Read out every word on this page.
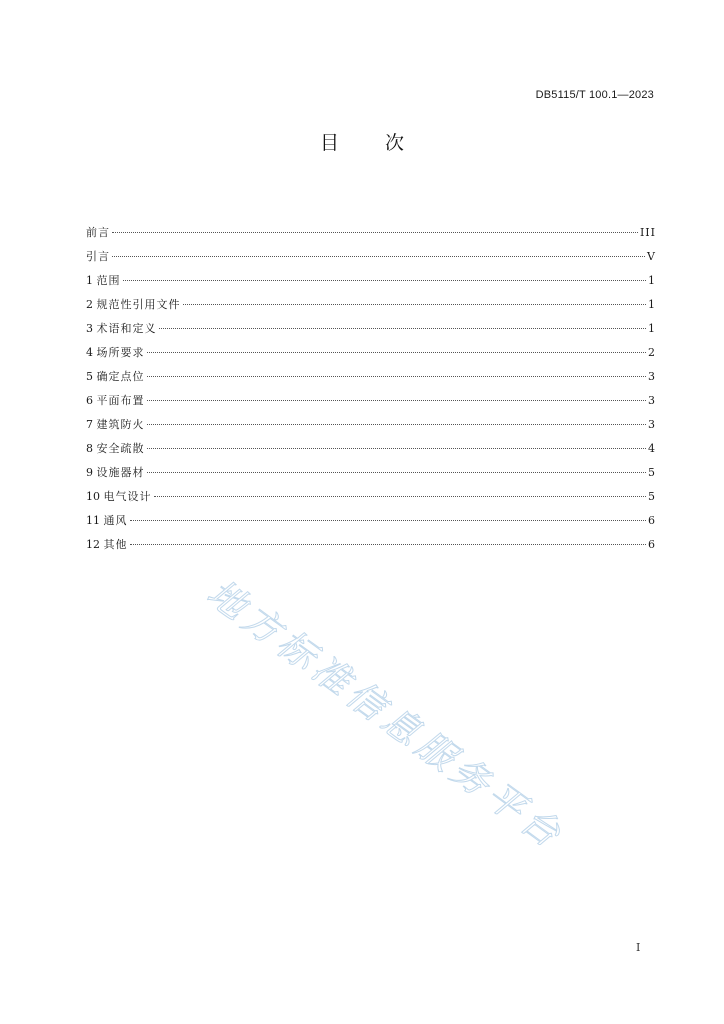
DB5115/T 100.1—2023
目 次
前言	III
引言	V
1 范围	1
2 规范性引用文件	1
3 术语和定义	1
4 场所要求	2
5 确定点位	3
6 平面布置	3
7 建筑防火	3
8 安全疏散	4
9 设施器材	5
10 电气设计	5
11 通风	6
12 其他	6
地方标准信息服务平台
I
